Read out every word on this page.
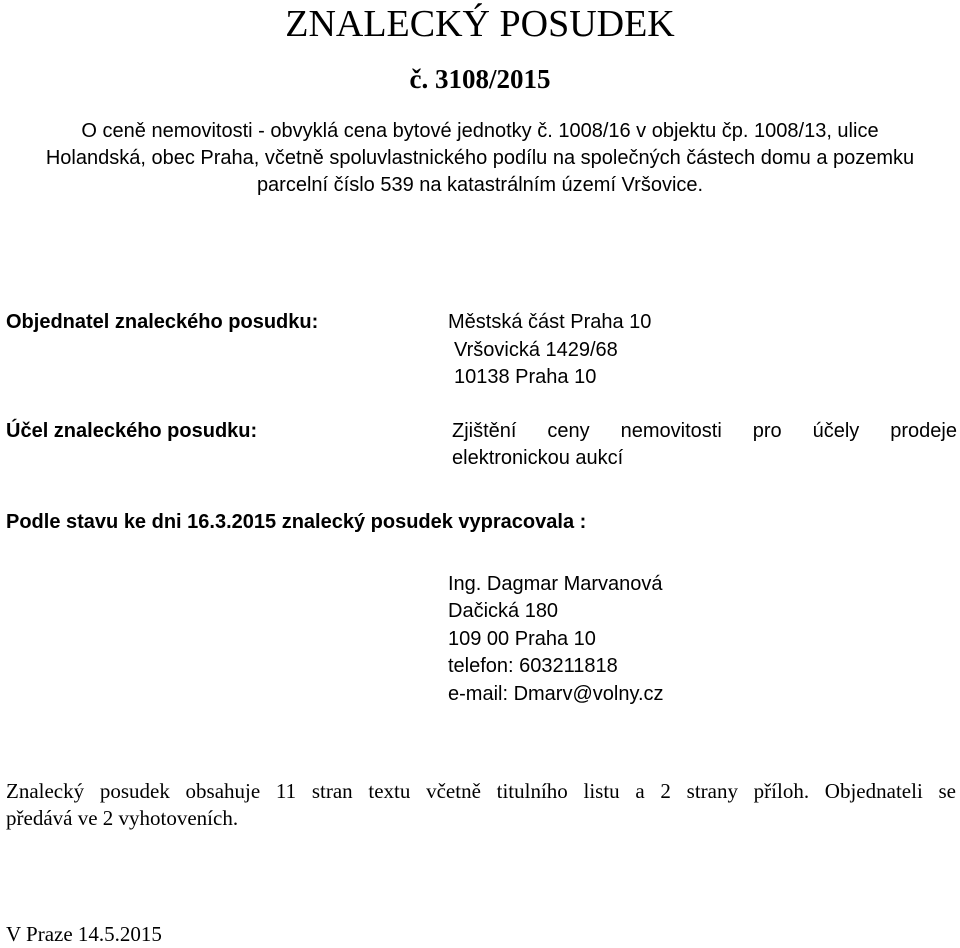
ZNALECKÝ POSUDEK
č. 3108/2015
O ceně nemovitosti - obvyklá cena bytové jednotky č. 1008/16 v objektu čp. 1008/13, ulice
Holandská, obec Praha, včetně spoluvlastnického podílu na společných částech domu a pozemku
parcelní číslo 539 na katastrálním území Vršovice.
Objednatel znaleckého posudku:	Městská část Praha 10
Vršovická 1429/68
10138 Praha 10
Účel znaleckého posudku:	Zjištění ceny nemovitosti pro účely prodeje
elektronickou aukcí
Podle stavu ke dni 16.3.2015 znalecký posudek vypracovala :
Ing. Dagmar Marvanová
Dačická 180
109 00 Praha 10
telefon: 603211818
e-mail: Dmarv@volny.cz
Znalecký posudek obsahuje 11 stran textu včetně titulního listu a 2 strany příloh. Objednateli se
předává ve 2 vyhotoveních.
V Praze 14.5.2015
